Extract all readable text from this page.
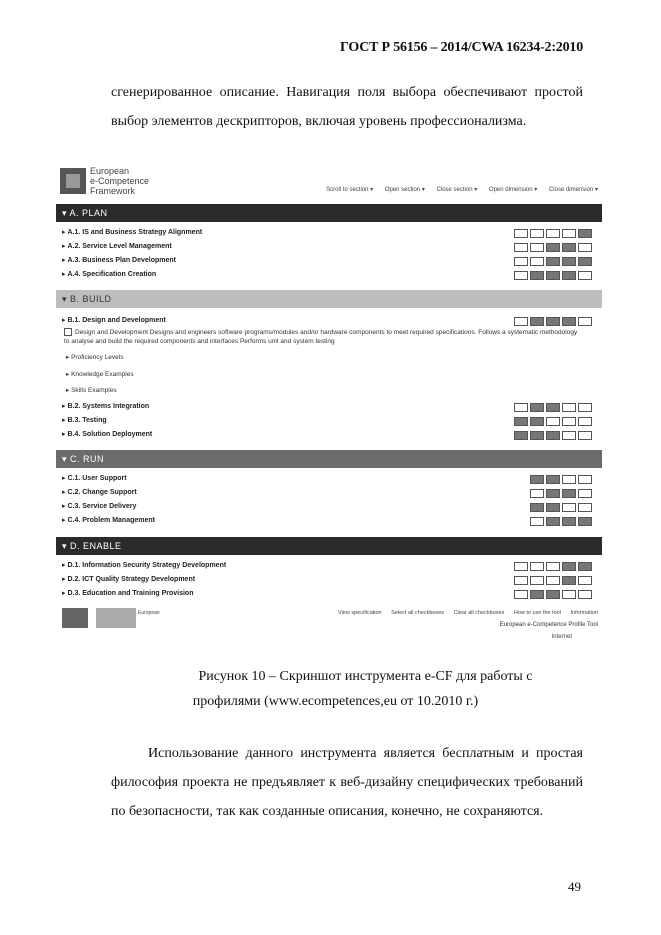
ГОСТ Р 56156 – 2014/CWA 16234-2:2010
сгенерированное описание. Навигация поля выбора обеспечивают простой выбор элементов дескрипторов, включая уровень профессионализма.
European
e-Competence
Framework	Scroll to section ▾ Open section ▾ Close section ▾ Open dimension ▾ Close dimension ▾
▾ A. PLAN
▸ A.1. IS and Business Strategy Alignment
▸ A.2. Service Level Management
▸ A.3. Business Plan Development
▸ A.4. Specification Creation
▾ B. BUILD
▸ B.1. Design and Development
Design and Development Designs and engineers software programs/modules and/or hardware components to meet required specifications. Follows a systematic methodology to analyse and build the required components and interfaces Performs unit and system testing
▸ Proficiency Levels
▸ Knowledge Examples
▸ Skills Examples
▸ B.2. Systems Integration
▸ B.3. Testing
▸ B.4. Solution Deployment
▾ C. RUN
▸ C.1. User Support
▸ C.2. Change Support
▸ C.3. Service Delivery
▸ C.4. Problem Management
▾ D. ENABLE
▸ D.1. Information Security Strategy Development
▸ D.2. ICT Quality Strategy Development
▸ D.3. Education and Training Provision
European	View specification Select all checkboxes Clear all checkboxes How to use the tool Information
European e-Competence Profile Tool
Internet
Рисунок 10 – Скриншот инструмента e-CF для работы с
профилями (www.ecompetences,eu от 10.2010 г.)
Использование данного инструмента является бесплатным и простая философия проекта не предъявляет к веб-дизайну специфических требований по безопасности, так как созданные описания, конечно, не сохраняются.
49
